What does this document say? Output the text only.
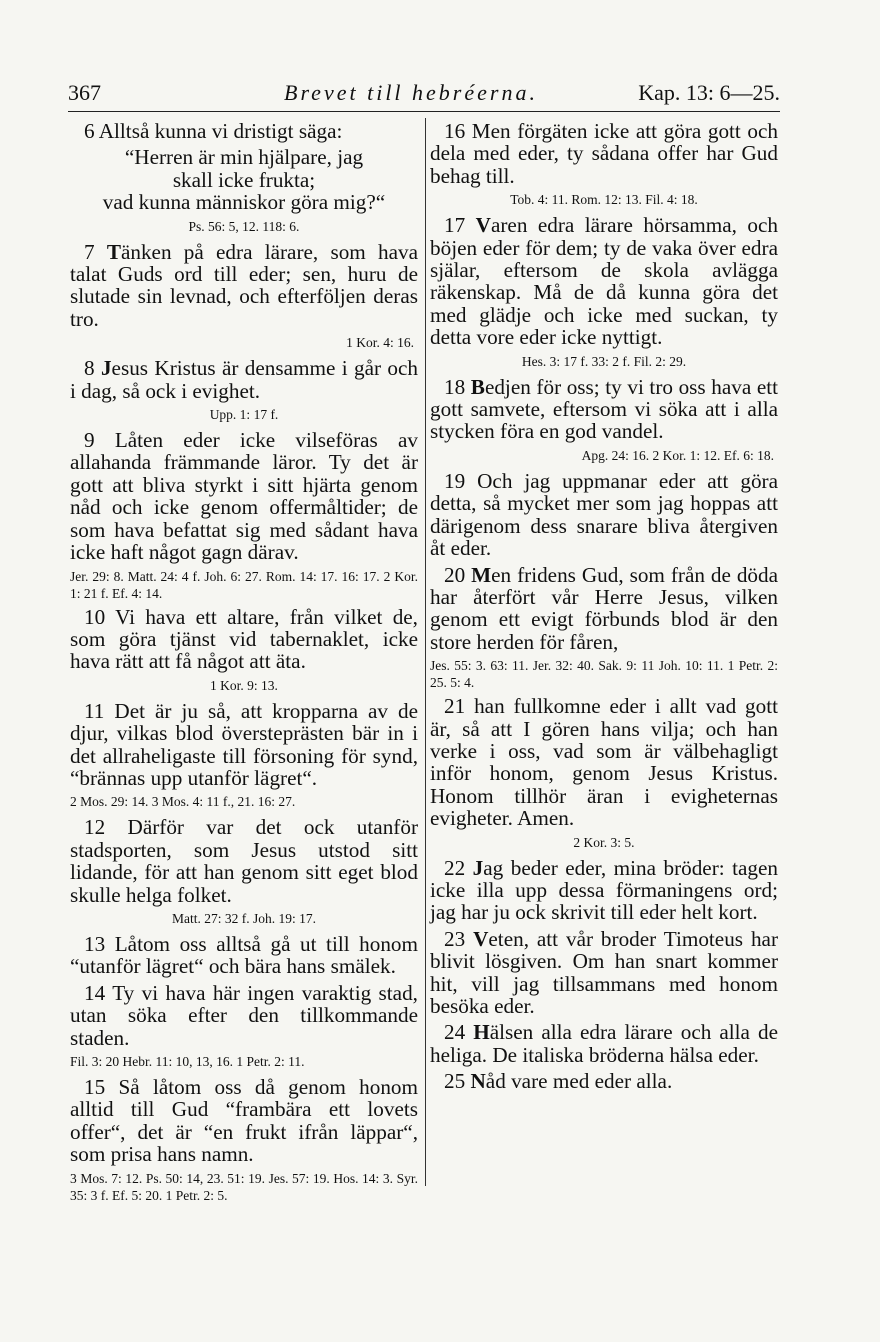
367	Brevet till hebréerna.	Kap. 13: 6—25.

6 Alltså kunna vi dristigt säga:

“Herren är min hjälpare, jag
skall icke frukta;
vad kunna människor göra mig?“

Ps. 56: 5, 12. 118: 6.

7 Tänken på edra lärare, som hava talat Guds ord till eder; sen, huru de slutade sin levnad, och efterföljen deras tro.

1 Kor. 4: 16.

8 Jesus Kristus är densamme i går och i dag, så ock i evighet.

Upp. 1: 17 f.

9 Låten eder icke vilseföras av allahanda främmande läror. Ty det är gott att bliva styrkt i sitt hjärta genom nåd och icke genom offermåltider; de som hava befattat sig med sådant hava icke haft något gagn därav.

Jer. 29: 8. Matt. 24: 4 f. Joh. 6: 27. Rom. 14: 17. 16: 17. 2 Kor. 1: 21 f. Ef. 4: 14.

10 Vi hava ett altare, från vilket de, som göra tjänst vid tabernaklet, icke hava rätt att få något att äta.

1 Kor. 9: 13.

11 Det är ju så, att kropparna av de djur, vilkas blod översteprästen bär in i det allraheligaste till försoning för synd, “brännas upp utanför lägret“.

2 Mos. 29: 14. 3 Mos. 4: 11 f., 21. 16: 27.

12 Därför var det ock utanför stadsporten, som Jesus utstod sitt lidande, för att han genom sitt eget blod skulle helga folket.

Matt. 27: 32 f. Joh. 19: 17.

13 Låtom oss alltså gå ut till honom “utanför lägret“ och bära hans smälek.

14 Ty vi hava här ingen varaktig stad, utan söka efter den tillkommande staden.

Fil. 3: 20 Hebr. 11: 10, 13, 16. 1 Petr. 2: 11.

15 Så låtom oss då genom honom alltid till Gud “frambära ett lovets offer“, det är “en frukt ifrån läppar“, som prisa hans namn.

3 Mos. 7: 12. Ps. 50: 14, 23. 51: 19. Jes. 57: 19. Hos. 14: 3. Syr. 35: 3 f. Ef. 5: 20. 1 Petr. 2: 5.

16 Men förgäten icke att göra gott och dela med eder, ty sådana offer har Gud behag till.

Tob. 4: 11. Rom. 12: 13. Fil. 4: 18.

17 Varen edra lärare hörsamma, och böjen eder för dem; ty de vaka över edra själar, eftersom de skola avlägga räkenskap. Må de då kunna göra det med glädje och icke med suckan, ty detta vore eder icke nyttigt.

Hes. 3: 17 f. 33: 2 f. Fil. 2: 29.

18 Bedjen för oss; ty vi tro oss hava ett gott samvete, eftersom vi söka att i alla stycken föra en god vandel.

Apg. 24: 16. 2 Kor. 1: 12. Ef. 6: 18.

19 Och jag uppmanar eder att göra detta, så mycket mer som jag hoppas att därigenom dess snarare bliva återgiven åt eder.

20 Men fridens Gud, som från de döda har återfört vår Herre Jesus, vilken genom ett evigt förbunds blod är den store herden för fåren,

Jes. 55: 3. 63: 11. Jer. 32: 40. Sak. 9: 11 Joh. 10: 11. 1 Petr. 2: 25. 5: 4.

21 han fullkomne eder i allt vad gott är, så att I gören hans vilja; och han verke i oss, vad som är välbehagligt inför honom, genom Jesus Kristus. Honom tillhör äran i evigheternas evigheter. Amen.

2 Kor. 3: 5.

22 Jag beder eder, mina bröder: tagen icke illa upp dessa förmaningens ord; jag har ju ock skrivit till eder helt kort.

23 Veten, att vår broder Timoteus har blivit lösgiven. Om han snart kommer hit, vill jag tillsammans med honom besöka eder.

24 Hälsen alla edra lärare och alla de heliga. De italiska bröderna hälsa eder.

25 Nåd vare med eder alla.
